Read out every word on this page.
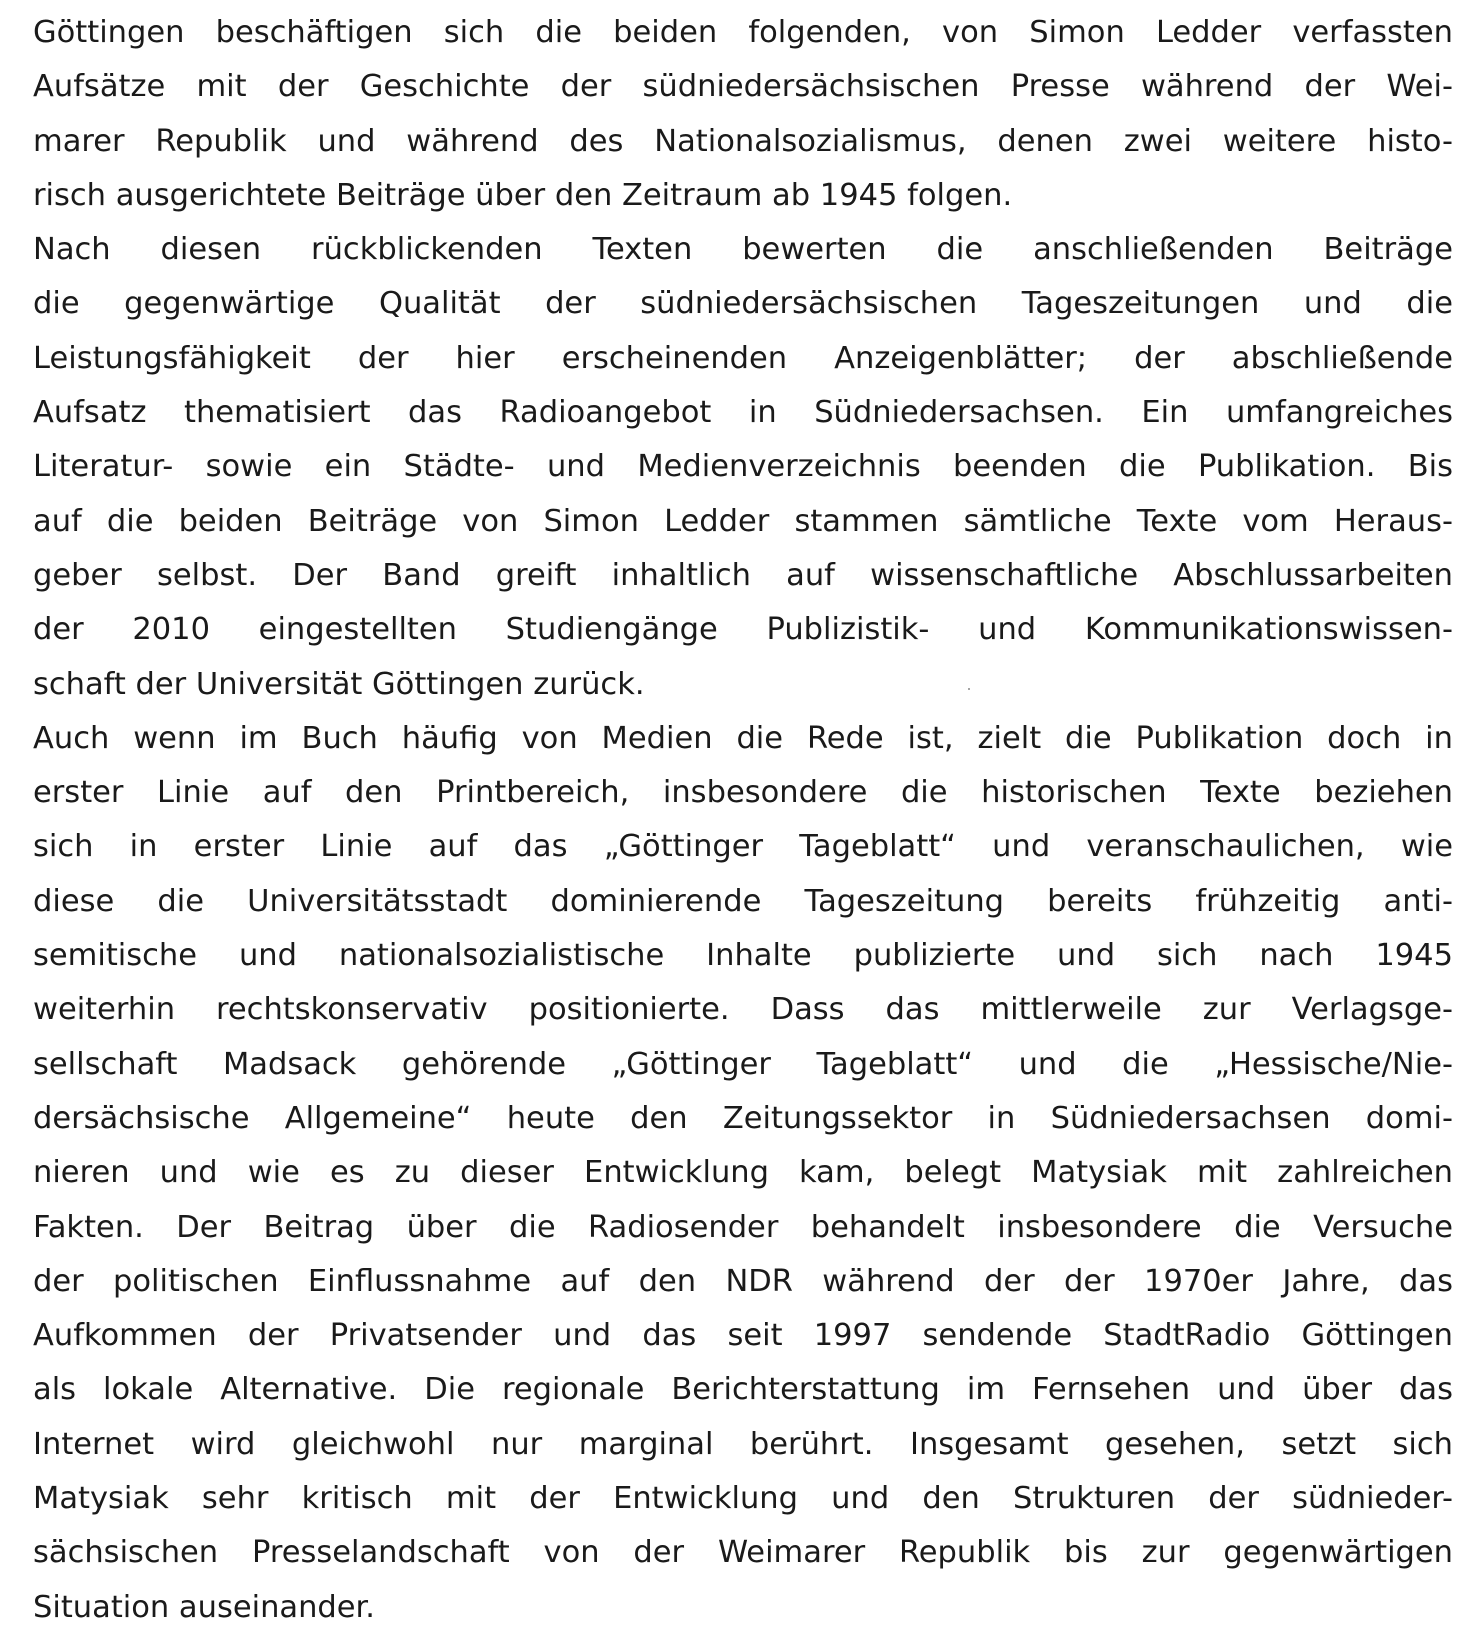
Göttingen beschäftigen sich die beiden folgenden, von Simon Ledder verfassten
Aufsätze mit der Geschichte der südniedersächsischen Presse während der Wei-
marer Republik und während des Nationalsozialismus, denen zwei weitere histo-
risch ausgerichtete Beiträge über den Zeitraum ab 1945 folgen.
Nach diesen rückblickenden Texten bewerten die anschließenden Beiträge
die gegenwärtige Qualität der südniedersächsischen Tageszeitungen und die
Leistungsfähigkeit der hier erscheinenden Anzeigenblätter; der abschließende
Aufsatz thematisiert das Radioangebot in Südniedersachsen. Ein umfangreiches
Literatur- sowie ein Städte- und Medienverzeichnis beenden die Publikation. Bis
auf die beiden Beiträge von Simon Ledder stammen sämtliche Texte vom Heraus-
geber selbst. Der Band greift inhaltlich auf wissenschaftliche Abschlussarbeiten
der 2010 eingestellten Studiengänge Publizistik- und Kommunikationswissen-
schaft der Universität Göttingen zurück.
Auch wenn im Buch häufig von Medien die Rede ist, zielt die Publikation doch in
erster Linie auf den Printbereich, insbesondere die historischen Texte beziehen
sich in erster Linie auf das „Göttinger Tageblatt“ und veranschaulichen, wie
diese die Universitätsstadt dominierende Tageszeitung bereits frühzeitig anti-
semitische und nationalsozialistische Inhalte publizierte und sich nach 1945
weiterhin rechtskonservativ positionierte. Dass das mittlerweile zur Verlagsge-
sellschaft Madsack gehörende „Göttinger Tageblatt“ und die „Hessische/Nie-
dersächsische Allgemeine“ heute den Zeitungssektor in Südniedersachsen domi-
nieren und wie es zu dieser Entwicklung kam, belegt Matysiak mit zahlreichen
Fakten. Der Beitrag über die Radiosender behandelt insbesondere die Versuche
der politischen Einflussnahme auf den NDR während der der 1970er Jahre, das
Aufkommen der Privatsender und das seit 1997 sendende StadtRadio Göttingen
als lokale Alternative. Die regionale Berichterstattung im Fernsehen und über das
Internet wird gleichwohl nur marginal berührt. Insgesamt gesehen, setzt sich
Matysiak sehr kritisch mit der Entwicklung und den Strukturen der südnieder-
sächsischen Presselandschaft von der Weimarer Republik bis zur gegenwärtigen
Situation auseinander.
